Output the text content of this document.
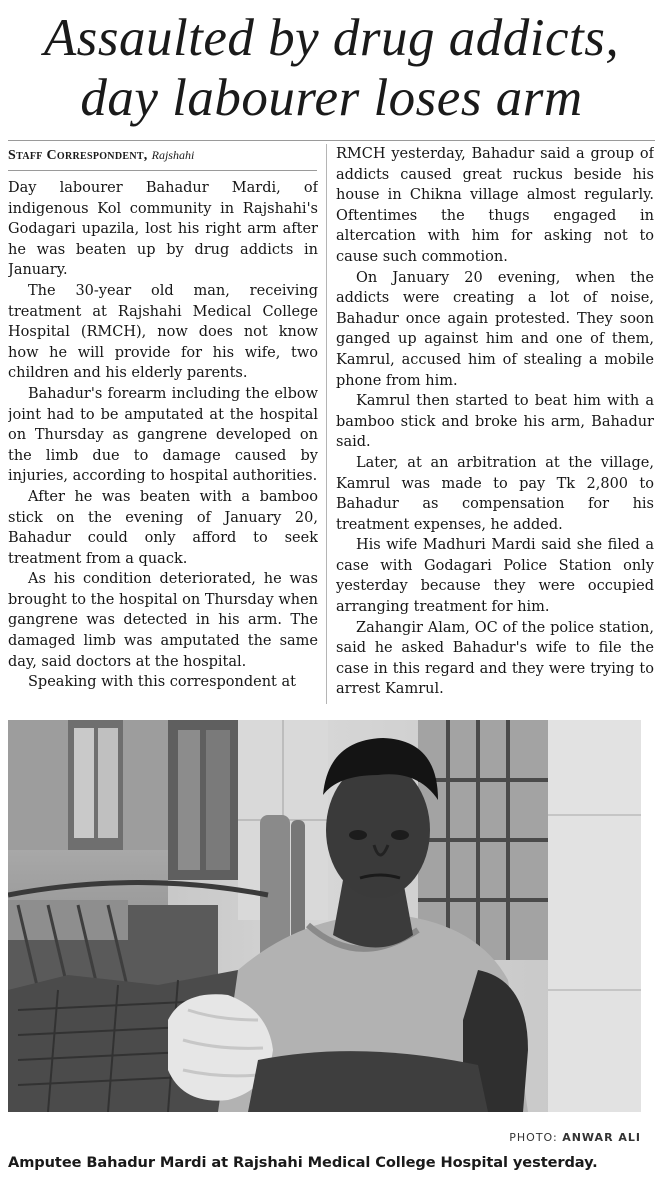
Assaulted by drug addicts,
day labourer loses arm
Staff Correspondent, Rajshahi

Day labourer Bahadur Mardi, of indigenous Kol community in Rajshahi's Godagari upazila, lost his right arm after he was beaten up by drug addicts in January.

The 30-year old man, receiving treatment at Rajshahi Medical College Hospital (RMCH), now does not know how he will provide for his wife, two children and his elderly parents.

Bahadur's forearm including the elbow joint had to be amputated at the hospital on Thursday as gangrene developed on the limb due to damage caused by injuries, according to hospital authorities.

After he was beaten with a bamboo stick on the evening of January 20, Bahadur could only afford to seek treatment from a quack.

As his condition deteriorated, he was brought to the hospital on Thursday when gangrene was detected in his arm. The damaged limb was amputated the same day, said doctors at the hospital.

Speaking with this correspondent at

RMCH yesterday, Bahadur said a group of addicts caused great ruckus beside his house in Chikna village almost regularly. Oftentimes the thugs engaged in altercation with him for asking not to cause such commotion.

On January 20 evening, when the addicts were creating a lot of noise, Bahadur once again protested. They soon ganged up against him and one of them, Kamrul, accused him of stealing a mobile phone from him.

Kamrul then started to beat him with a bamboo stick and broke his arm, Bahadur said.

Later, at an arbitration at the village, Kamrul was made to pay Tk 2,800 to Bahadur as compensation for his treatment expenses, he added.

His wife Madhuri Mardi said she filed a case with Godagari Police Station only yesterday because they were occupied arranging treatment for him.

Zahangir Alam, OC of the police station, said he asked Bahadur's wife to file the case in this regard and they were trying to arrest Kamrul.

PHOTO: ANWAR ALI
Amputee Bahadur Mardi at Rajshahi Medical College Hospital yesterday.
